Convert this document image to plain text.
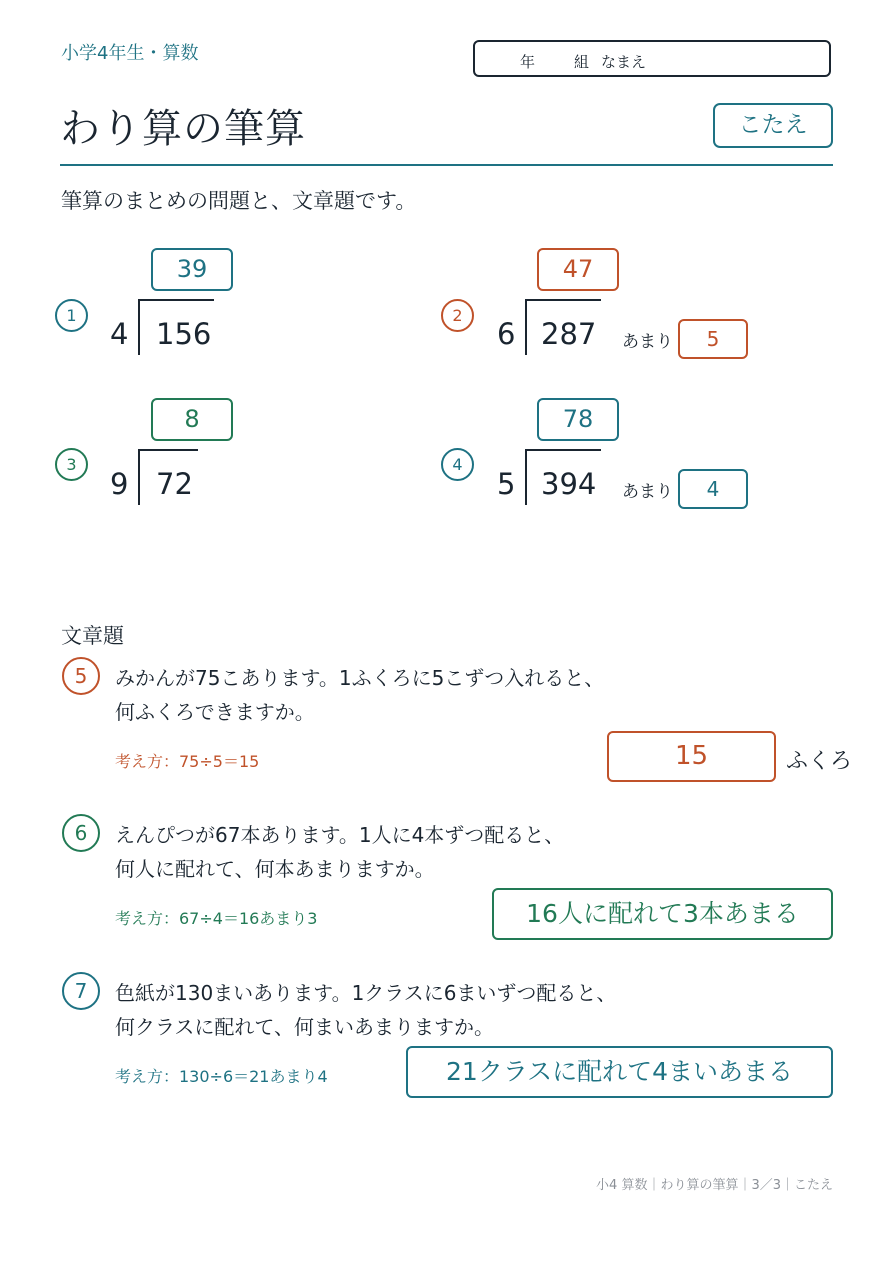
小学4年生・算数	年	組 なまえ
わり算の筆算	こたえ
筆算のまとめの問題と、文章題です。
39
1
4 156
47
2
6 287 あまり	5
8
3
9 72
78
4
5 394 あまり	4
文章題
5	みかんが75こあります。1ふくろに5こずつ入れると、
何ふくろできますか。
考え方：75÷5＝15	15	ふくろ
6	えんぴつが67本あります。1人に4本ずつ配ると、
何人に配れて、何本あまりますか。
考え方：67÷4＝16あまり3	16人に配れて3本あまる
7	色紙が130まいあります。1クラスに6まいずつ配ると、
何クラスに配れて、何まいあまりますか。
考え方：130÷6＝21あまり4	21クラスに配れて4まいあまる
小4 算数｜わり算の筆算｜3／3｜こたえ
